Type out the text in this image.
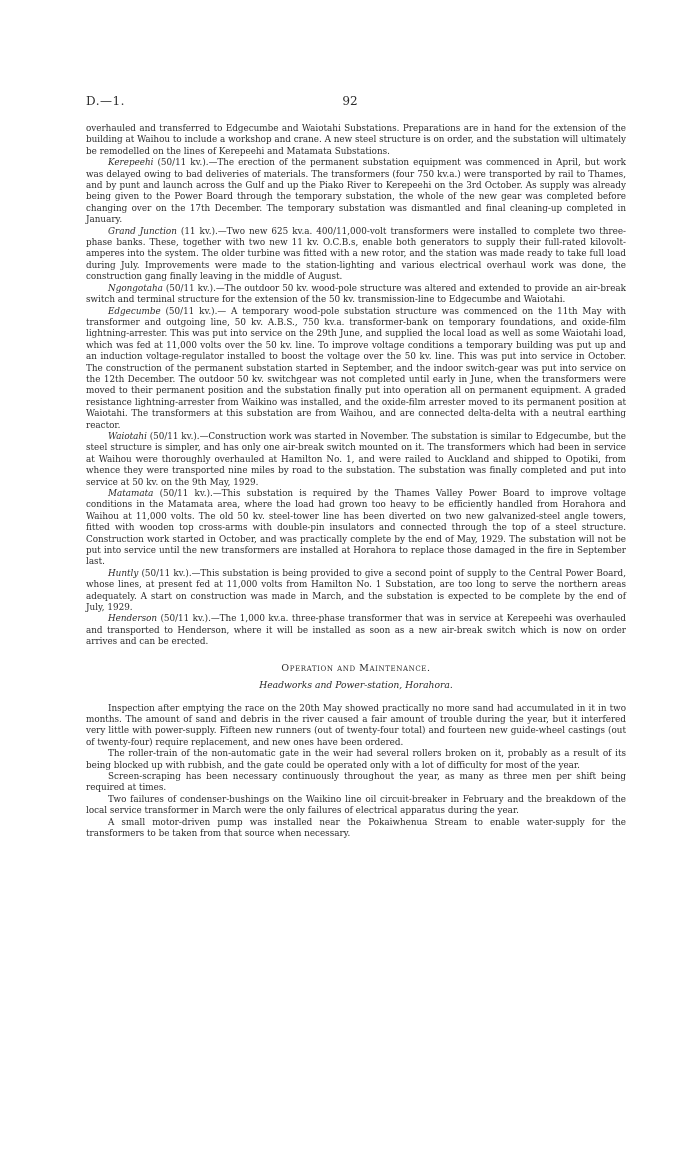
D.—1.	92

overhauled and transferred to Edgecumbe and Waiotahi Substations. Preparations are in hand for the extension of the building at Waihou to include a workshop and crane. A new steel structure is on order, and the substation will ultimately be remodelled on the lines of Kerepeehi and Matamata Substations.

Kerepeehi (50/11 kv.).—The erection of the permanent substation equipment was commenced in April, but work was delayed owing to bad deliveries of materials. The transformers (four 750 kv.a.) were transported by rail to Thames, and by punt and launch across the Gulf and up the Piako River to Kerepeehi on the 3rd October. As supply was already being given to the Power Board through the temporary substation, the whole of the new gear was completed before changing over on the 17th December. The temporary substation was dismantled and final cleaning-up completed in January.

Grand Junction (11 kv.).—Two new 625 kv.a. 400/11,000-volt transformers were installed to complete two three-phase banks. These, together with two new 11 kv. O.C.B.s, enable both generators to supply their full-rated kilovolt-amperes into the system. The older turbine was fitted with a new rotor, and the station was made ready to take full load during July. Improvements were made to the station-lighting and various electrical overhaul work was done, the construction gang finally leaving in the middle of August.

Ngongotaha (50/11 kv.).—The outdoor 50 kv. wood-pole structure was altered and extended to provide an air-break switch and terminal structure for the extension of the 50 kv. transmission-line to Edgecumbe and Waiotahi.

Edgecumbe (50/11 kv.).— A temporary wood-pole substation structure was commenced on the 11th May with transformer and outgoing line, 50 kv. A.B.S., 750 kv.a. transformer-bank on temporary foundations, and oxide-film lightning-arrester. This was put into service on the 29th June, and supplied the local load as well as some Waiotahi load, which was fed at 11,000 volts over the 50 kv. line. To improve voltage conditions a temporary building was put up and an induction voltage-regulator installed to boost the voltage over the 50 kv. line. This was put into service in October. The construction of the permanent substation started in September, and the indoor switch-gear was put into service on the 12th December. The outdoor 50 kv. switchgear was not completed until early in June, when the transformers were moved to their permanent position and the substation finally put into operation all on permanent equipment. A graded resistance lightning-arrester from Waikino was installed, and the oxide-film arrester moved to its permanent position at Waiotahi. The transformers at this substation are from Waihou, and are connected delta-delta with a neutral earthing reactor.

Waiotahi (50/11 kv.).—Construction work was started in November. The substation is similar to Edgecumbe, but the steel structure is simpler, and has only one air-break switch mounted on it. The transformers which had been in service at Waihou were thoroughly overhauled at Hamilton No. 1, and were railed to Auckland and shipped to Opotiki, from whence they were transported nine miles by road to the substation. The substation was finally completed and put into service at 50 kv. on the 9th May, 1929.

Matamata (50/11 kv.).—This substation is required by the Thames Valley Power Board to improve voltage conditions in the Matamata area, where the load had grown too heavy to be efficiently handled from Horahora and Waihou at 11,000 volts. The old 50 kv. steel-tower line has been diverted on two new galvanized-steel angle towers, fitted with wooden top cross-arms with double-pin insulators and connected through the top of a steel structure. Construction work started in October, and was practically complete by the end of May, 1929. The substation will not be put into service until the new transformers are installed at Horahora to replace those damaged in the fire in September last.

Huntly (50/11 kv.).—This substation is being provided to give a second point of supply to the Central Power Board, whose lines, at present fed at 11,000 volts from Hamilton No. 1 Substation, are too long to serve the northern areas adequately. A start on construction was made in March, and the substation is expected to be complete by the end of July, 1929.

Henderson (50/11 kv.).—The 1,000 kv.a. three-phase transformer that was in service at Kerepeehi was overhauled and transported to Henderson, where it will be installed as soon as a new air-break switch which is now on order arrives and can be erected.

Operation and Maintenance.
Headworks and Power-station, Horahora.

Inspection after emptying the race on the 20th May showed practically no more sand had accumulated in it in two months. The amount of sand and debris in the river caused a fair amount of trouble during the year, but it interfered very little with power-supply. Fifteen new runners (out of twenty-four total) and fourteen new guide-wheel castings (out of twenty-four) require replacement, and new ones have been ordered.

The roller-train of the non-automatic gate in the weir had several rollers broken on it, probably as a result of its being blocked up with rubbish, and the gate could be operated only with a lot of difficulty for most of the year.

Screen-scraping has been necessary continuously throughout the year, as many as three men per shift being required at times.

Two failures of condenser-bushings on the Waikino line oil circuit-breaker in February and the breakdown of the local service transformer in March were the only failures of electrical apparatus during the year.

A small motor-driven pump was installed near the Pokaiwhenua Stream to enable water-supply for the transformers to be taken from that source when necessary.
